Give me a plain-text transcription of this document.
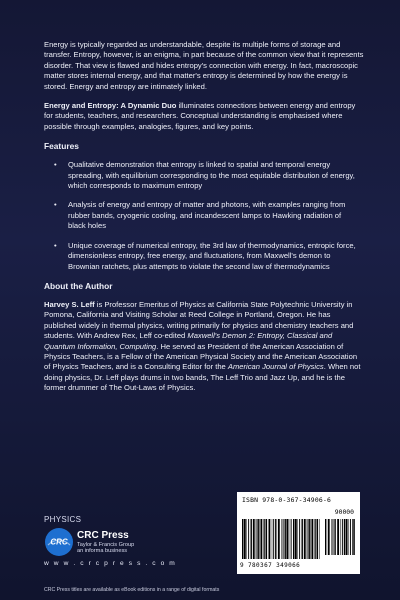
Energy is typically regarded as understandable, despite its multiple forms of storage and transfer. Entropy, however, is an enigma, in part because of the common view that it represents disorder. That view is flawed and hides entropy's connection with energy. In fact, macroscopic matter stores internal energy, and that matter's entropy is determined by how the energy is stored. Energy and entropy are intimately linked.

Energy and Entropy: A Dynamic Duo illuminates connections between energy and entropy for students, teachers, and researchers. Conceptual understanding is emphasised where possible through examples, analogies, figures, and key points.

Features
• Qualitative demonstration that entropy is linked to spatial and temporal energy spreading, with equilibrium corresponding to the most equitable distribution of energy, which corresponds to maximum entropy
• Analysis of energy and entropy of matter and photons, with examples ranging from rubber bands, cryogenic cooling, and incandescent lamps to Hawking radiation of black holes
• Unique coverage of numerical entropy, the 3rd law of thermodynamics, entropic force, dimensionless entropy, free energy, and fluctuations, from Maxwell's demon to Brownian ratchets, plus attempts to violate the second law of thermodynamics
About the Author

Harvey S. Leff is Professor Emeritus of Physics at California State Polytechnic University in Pomona, California and Visiting Scholar at Reed College in Portland, Oregon. He has published widely in thermal physics, writing primarily for physics and chemistry teachers and students. With Andrew Rex, Leff co-edited Maxwell's Demon 2: Entropy, Classical and Quantum Information, Computing. He served as President of the American Association of Physics Teachers, is a Fellow of the American Physical Society and the American Association of Physics Teachers, and is a Consulting Editor for the American Journal of Physics. When not doing physics, Dr. Leff plays drums in two bands, The Leff Trio and Jazz Up, and he is the former drummer of The Out-Laws of Physics.

PHYSICS
CRC
CRC Press
Taylor & Francis Group
an informa business
w w w . c r c p r e s s . c o m
CRC Press titles are available as eBook editions in a range of digital formats
ISBN 978-0-367-34906-6
90000
9 780367 349066
